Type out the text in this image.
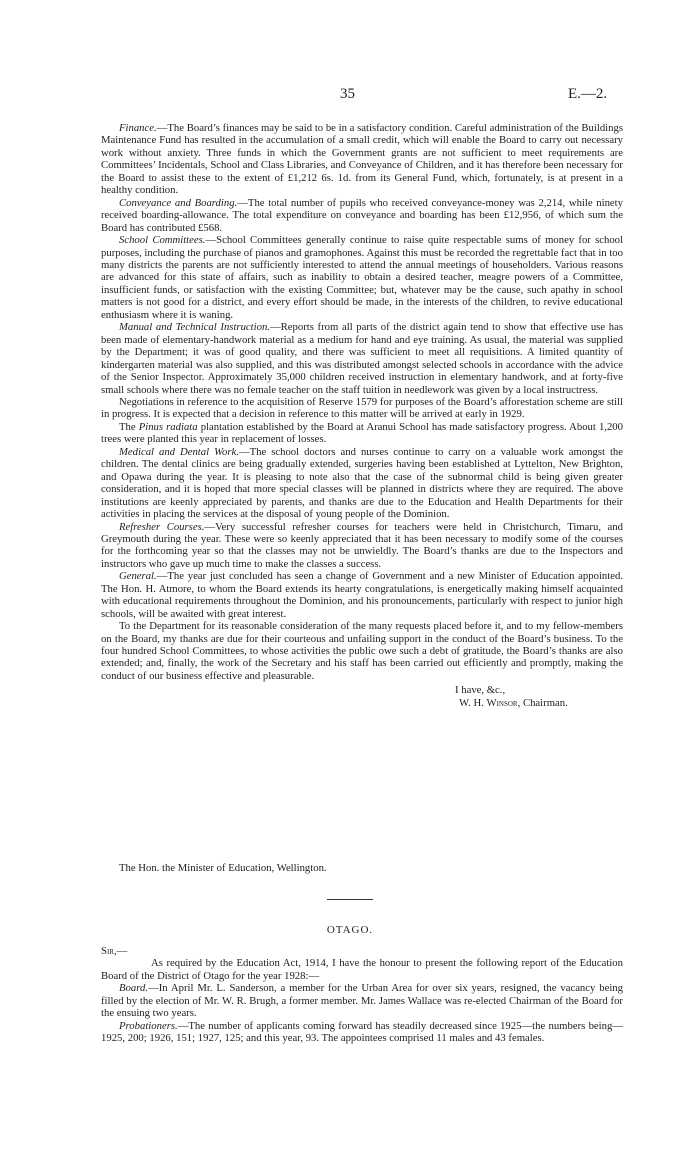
35	E.—2.

Finance.—The Board’s finances may be said to be in a satisfactory condition. Careful administration of the Buildings Maintenance Fund has resulted in the accumulation of a small credit, which will enable the Board to carry out necessary work without anxiety. Three funds in which the Government grants are not sufficient to meet requirements are Committees’ Incidentals, School and Class Libraries, and Conveyance of Children, and it has therefore been necessary for the Board to assist these to the extent of £1,212 6s. 1d. from its General Fund, which, fortunately, is at present in a healthy condition.

Conveyance and Boarding.—The total number of pupils who received conveyance-money was 2,214, while ninety received boarding-allowance. The total expenditure on conveyance and boarding has been £12,956, of which sum the Board has contributed £568.

School Committees.—School Committees generally continue to raise quite respectable sums of money for school purposes, including the purchase of pianos and gramophones. Against this must be recorded the regrettable fact that in too many districts the parents are not sufficiently interested to attend the annual meetings of householders. Various reasons are advanced for this state of affairs, such as inability to obtain a desired teacher, meagre powers of a Committee, insufficient funds, or satisfaction with the existing Committee; but, whatever may be the cause, such apathy in school matters is not good for a district, and every effort should be made, in the interests of the children, to revive educational enthusiasm where it is waning.

Manual and Technical Instruction.—Reports from all parts of the district again tend to show that effective use has been made of elementary-handwork material as a medium for hand and eye training. As usual, the material was supplied by the Department; it was of good quality, and there was sufficient to meet all requisitions. A limited quantity of kindergarten material was also supplied, and this was distributed amongst selected schools in accordance with the advice of the Senior Inspector. Approximately 35,000 children received instruction in elementary handwork, and at forty-five small schools where there was no female teacher on the staff tuition in needlework was given by a local instructress.

Negotiations in reference to the acquisition of Reserve 1579 for purposes of the Board’s afforestation scheme are still in progress. It is expected that a decision in reference to this matter will be arrived at early in 1929.

The Pinus radiata plantation established by the Board at Aranui School has made satisfactory progress. About 1,200 trees were planted this year in replacement of losses.

Medical and Dental Work.—The school doctors and nurses continue to carry on a valuable work amongst the children. The dental clinics are being gradually extended, surgeries having been established at Lyttelton, New Brighton, and Opawa during the year. It is pleasing to note also that the case of the subnormal child is being given greater consideration, and it is hoped that more special classes will be planned in districts where they are required. The above institutions are keenly appreciated by parents, and thanks are due to the Education and Health Departments for their activities in placing the services at the disposal of young people of the Dominion.

Refresher Courses.—Very successful refresher courses for teachers were held in Christchurch, Timaru, and Greymouth during the year. These were so keenly appreciated that it has been necessary to modify some of the courses for the forthcoming year so that the classes may not be unwieldly. The Board’s thanks are due to the Inspectors and instructors who gave up much time to make the classes a success.

General.—The year just concluded has seen a change of Government and a new Minister of Education appointed. The Hon. H. Atmore, to whom the Board extends its hearty congratulations, is energetically making himself acquainted with educational requirements throughout the Dominion, and his pronouncements, particularly with respect to junior high schools, will be awaited with great interest.

To the Department for its reasonable consideration of the many requests placed before it, and to my fellow-members on the Board, my thanks are due for their courteous and unfailing support in the conduct of the Board’s business. To the four hundred School Committees, to whose activities the public owe such a debt of gratitude, the Board’s thanks are also extended; and, finally, the work of the Secretary and his staff has been carried out efficiently and promptly, making the conduct of our business effective and pleasurable.

I have, &c.,
W. H. Winsor, Chairman.
The Hon. the Minister of Education, Wellington.
OTAGO.

Sir,—

As required by the Education Act, 1914, I have the honour to present the following report of the Education Board of the District of Otago for the year 1928:—

Board.—In April Mr. L. Sanderson, a member for the Urban Area for over six years, resigned, the vacancy being filled by the election of Mr. W. R. Brugh, a former member. Mr. James Wallace was re-elected Chairman of the Board for the ensuing two years.

Probationers.—The number of applicants coming forward has steadily decreased since 1925—the numbers being—1925, 200; 1926, 151; 1927, 125; and this year, 93. The appointees comprised 11 males and 43 females.
